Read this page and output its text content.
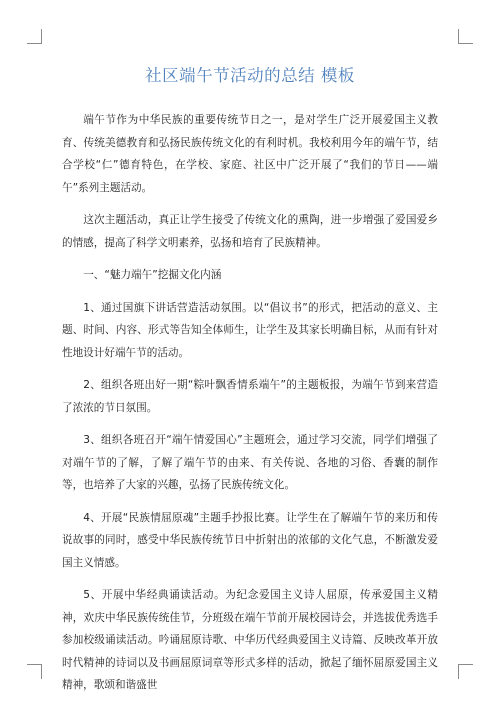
社区端午节活动的总结 模板

端午节作为中华民族的重要传统节日之一，是对学生广泛开展爱国主义教育、传统美德教育和弘扬民族传统文化的有利时机。我校利用今年的端午节，结合学校“仁”德育特色，在学校、家庭、社区中广泛开展了“我们的节日——端午”系列主题活动。

这次主题活动，真正让学生接受了传统文化的熏陶，进一步增强了爱国爱乡的情感，提高了科学文明素养，弘扬和培育了民族精神。

一、“魅力端午”挖掘文化内涵

1、通过国旗下讲话营造活动氛围。以“倡议书”的形式，把活动的意义、主题、时间、内容、形式等告知全体师生，让学生及其家长明确目标，从而有针对性地设计好端午节的活动。

2、组织各班出好一期“粽叶飘香情系端午”的主题板报，为端午节到来营造了浓浓的节日氛围。

3、组织各班召开“端午情爱国心”主题班会，通过学习交流，同学们增强了对端午节的了解，了解了端午节的由来、有关传说、各地的习俗、香囊的制作等，也培养了大家的兴趣，弘扬了民族传统文化。

4、开展“民族情屈原魂”主题手抄报比赛。让学生在了解端午节的来历和传说故事的同时，感受中华民族传统节日中折射出的浓郁的文化气息，不断激发爱国主义情感。

5、开展中华经典诵读活动。为纪念爱国主义诗人屈原，传承爱国主义精神，欢庆中华民族传统佳节，分班级在端午节前开展校园诗会，并选拔优秀选手参加校级诵读活动。吟诵屈原诗歌、中华历代经典爱国主义诗篇、反映改革开放时代精神的诗词以及书画屈原词章等形式多样的活动，掀起了缅怀屈原爱国主义精神，歌颂和谐盛世
